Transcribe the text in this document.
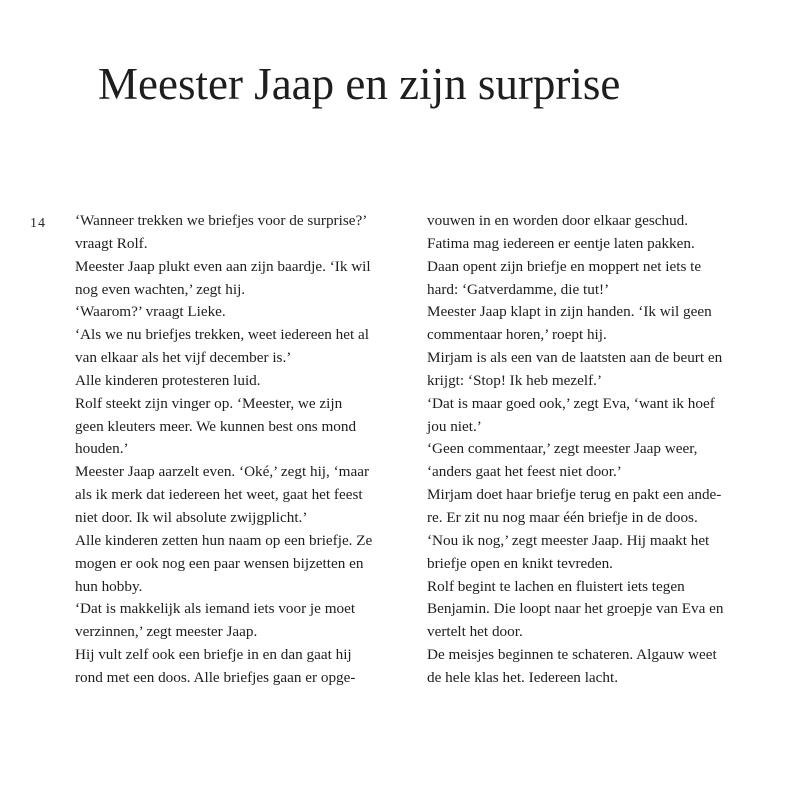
Meester Jaap en zijn surprise
14 ‘Wanneer trekken we briefjes voor de surprise?’
vraagt Rolf.
Meester Jaap plukt even aan zijn baardje. ‘Ik wil
nog even wachten,’ zegt hij.
‘Waarom?’ vraagt Lieke.
‘Als we nu briefjes trekken, weet iedereen het al
van elkaar als het vijf december is.’
Alle kinderen protesteren luid.
Rolf steekt zijn vinger op. ‘Meester, we zijn
geen kleuters meer. We kunnen best ons mond
houden.’
Meester Jaap aarzelt even. ‘Oké,’ zegt hij, ‘maar
als ik merk dat iedereen het weet, gaat het feest
niet door. Ik wil absolute zwijgplicht.’
Alle kinderen zetten hun naam op een briefje. Ze
mogen er ook nog een paar wensen bijzetten en
hun hobby.
‘Dat is makkelijk als iemand iets voor je moet
verzinnen,’ zegt meester Jaap.
Hij vult zelf ook een briefje in en dan gaat hij
rond met een doos. Alle briefjes gaan er opge-
vouwen in en worden door elkaar geschud.
Fatima mag iedereen er eentje laten pakken.
Daan opent zijn briefje en moppert net iets te
hard: ‘Gatverdamme, die tut!’
Meester Jaap klapt in zijn handen. ‘Ik wil geen
commentaar horen,’ roept hij.
Mirjam is als een van de laatsten aan de beurt en
krijgt: ‘Stop! Ik heb mezelf.’
‘Dat is maar goed ook,’ zegt Eva, ‘want ik hoef
jou niet.’
‘Geen commentaar,’ zegt meester Jaap weer,
‘anders gaat het feest niet door.’
Mirjam doet haar briefje terug en pakt een ande-
re. Er zit nu nog maar één briefje in de doos.
‘Nou ik nog,’ zegt meester Jaap. Hij maakt het
briefje open en knikt tevreden.
Rolf begint te lachen en fluistert iets tegen
Benjamin. Die loopt naar het groepje van Eva en
vertelt het door.
De meisjes beginnen te schateren. Algauw weet
de hele klas het. Iedereen lacht.
